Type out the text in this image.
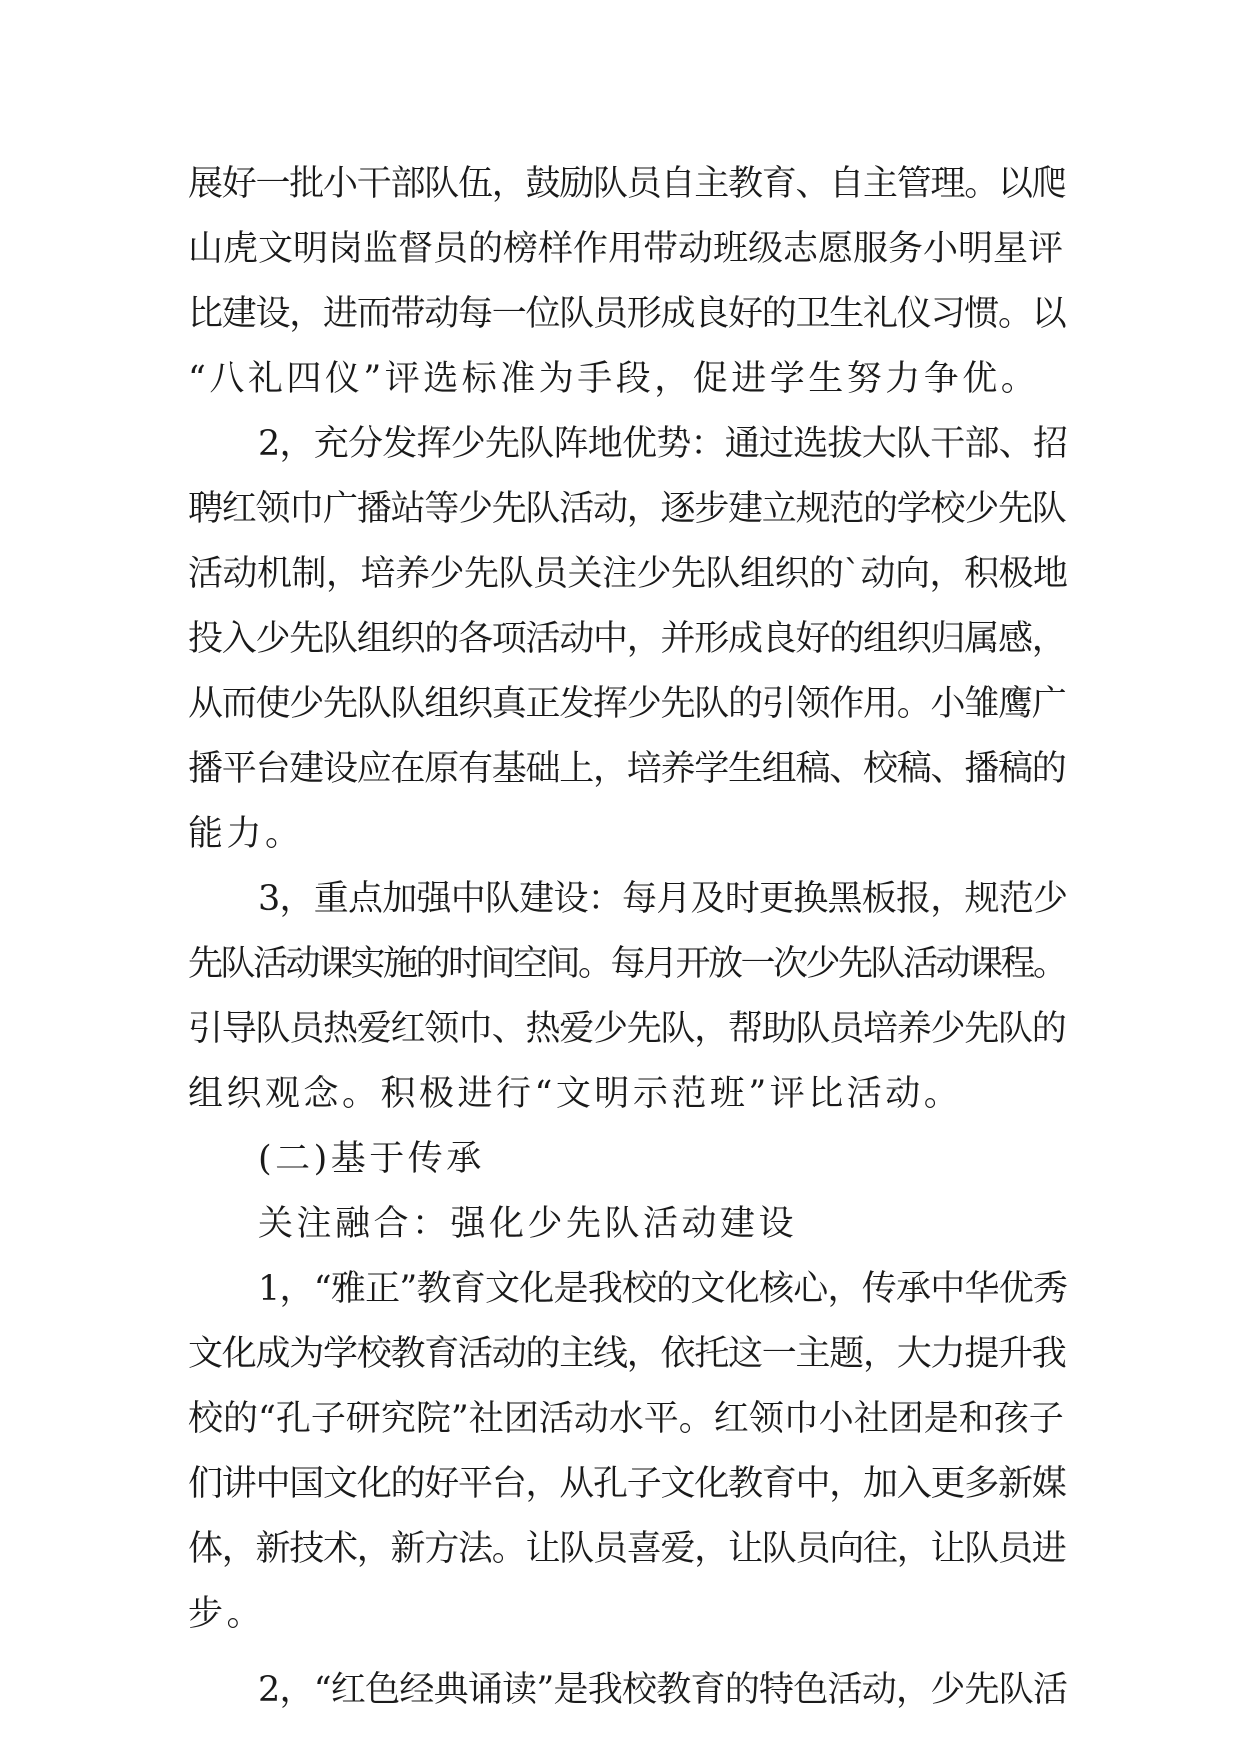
展好一批小干部队伍，鼓励队员自主教育、自主管理。以爬
山虎文明岗监督员的榜样作用带动班级志愿服务小明星评
比建设，进而带动每一位队员形成良好的卫生礼仪习惯。以
“八礼四仪”评选标准为手段，促进学生努力争优。
2，充分发挥少先队阵地优势：通过选拔大队干部、招
聘红领巾广播站等少先队活动，逐步建立规范的学校少先队
活动机制，培养少先队员关注少先队组织的`动向，积极地
投入少先队组织的各项活动中，并形成良好的组织归属感，
从而使少先队队组织真正发挥少先队的引领作用。小雏鹰广
播平台建设应在原有基础上，培养学生组稿、校稿、播稿的
能力。
3，重点加强中队建设：每月及时更换黑板报，规范少
先队活动课实施的时间空间。每月开放一次少先队活动课程。
引导队员热爱红领巾、热爱少先队，帮助队员培养少先队的
组织观念。积极进行“文明示范班”评比活动。
(二)基于传承
关注融合：强化少先队活动建设
1，“雅正”教育文化是我校的文化核心，传承中华优秀
文化成为学校教育活动的主线，依托这一主题，大力提升我
校的“孔子研究院”社团活动水平。红领巾小社团是和孩子
们讲中国文化的好平台，从孔子文化教育中，加入更多新媒
体，新技术，新方法。让队员喜爱，让队员向往，让队员进
步。
2，“红色经典诵读”是我校教育的特色活动，少先队活
